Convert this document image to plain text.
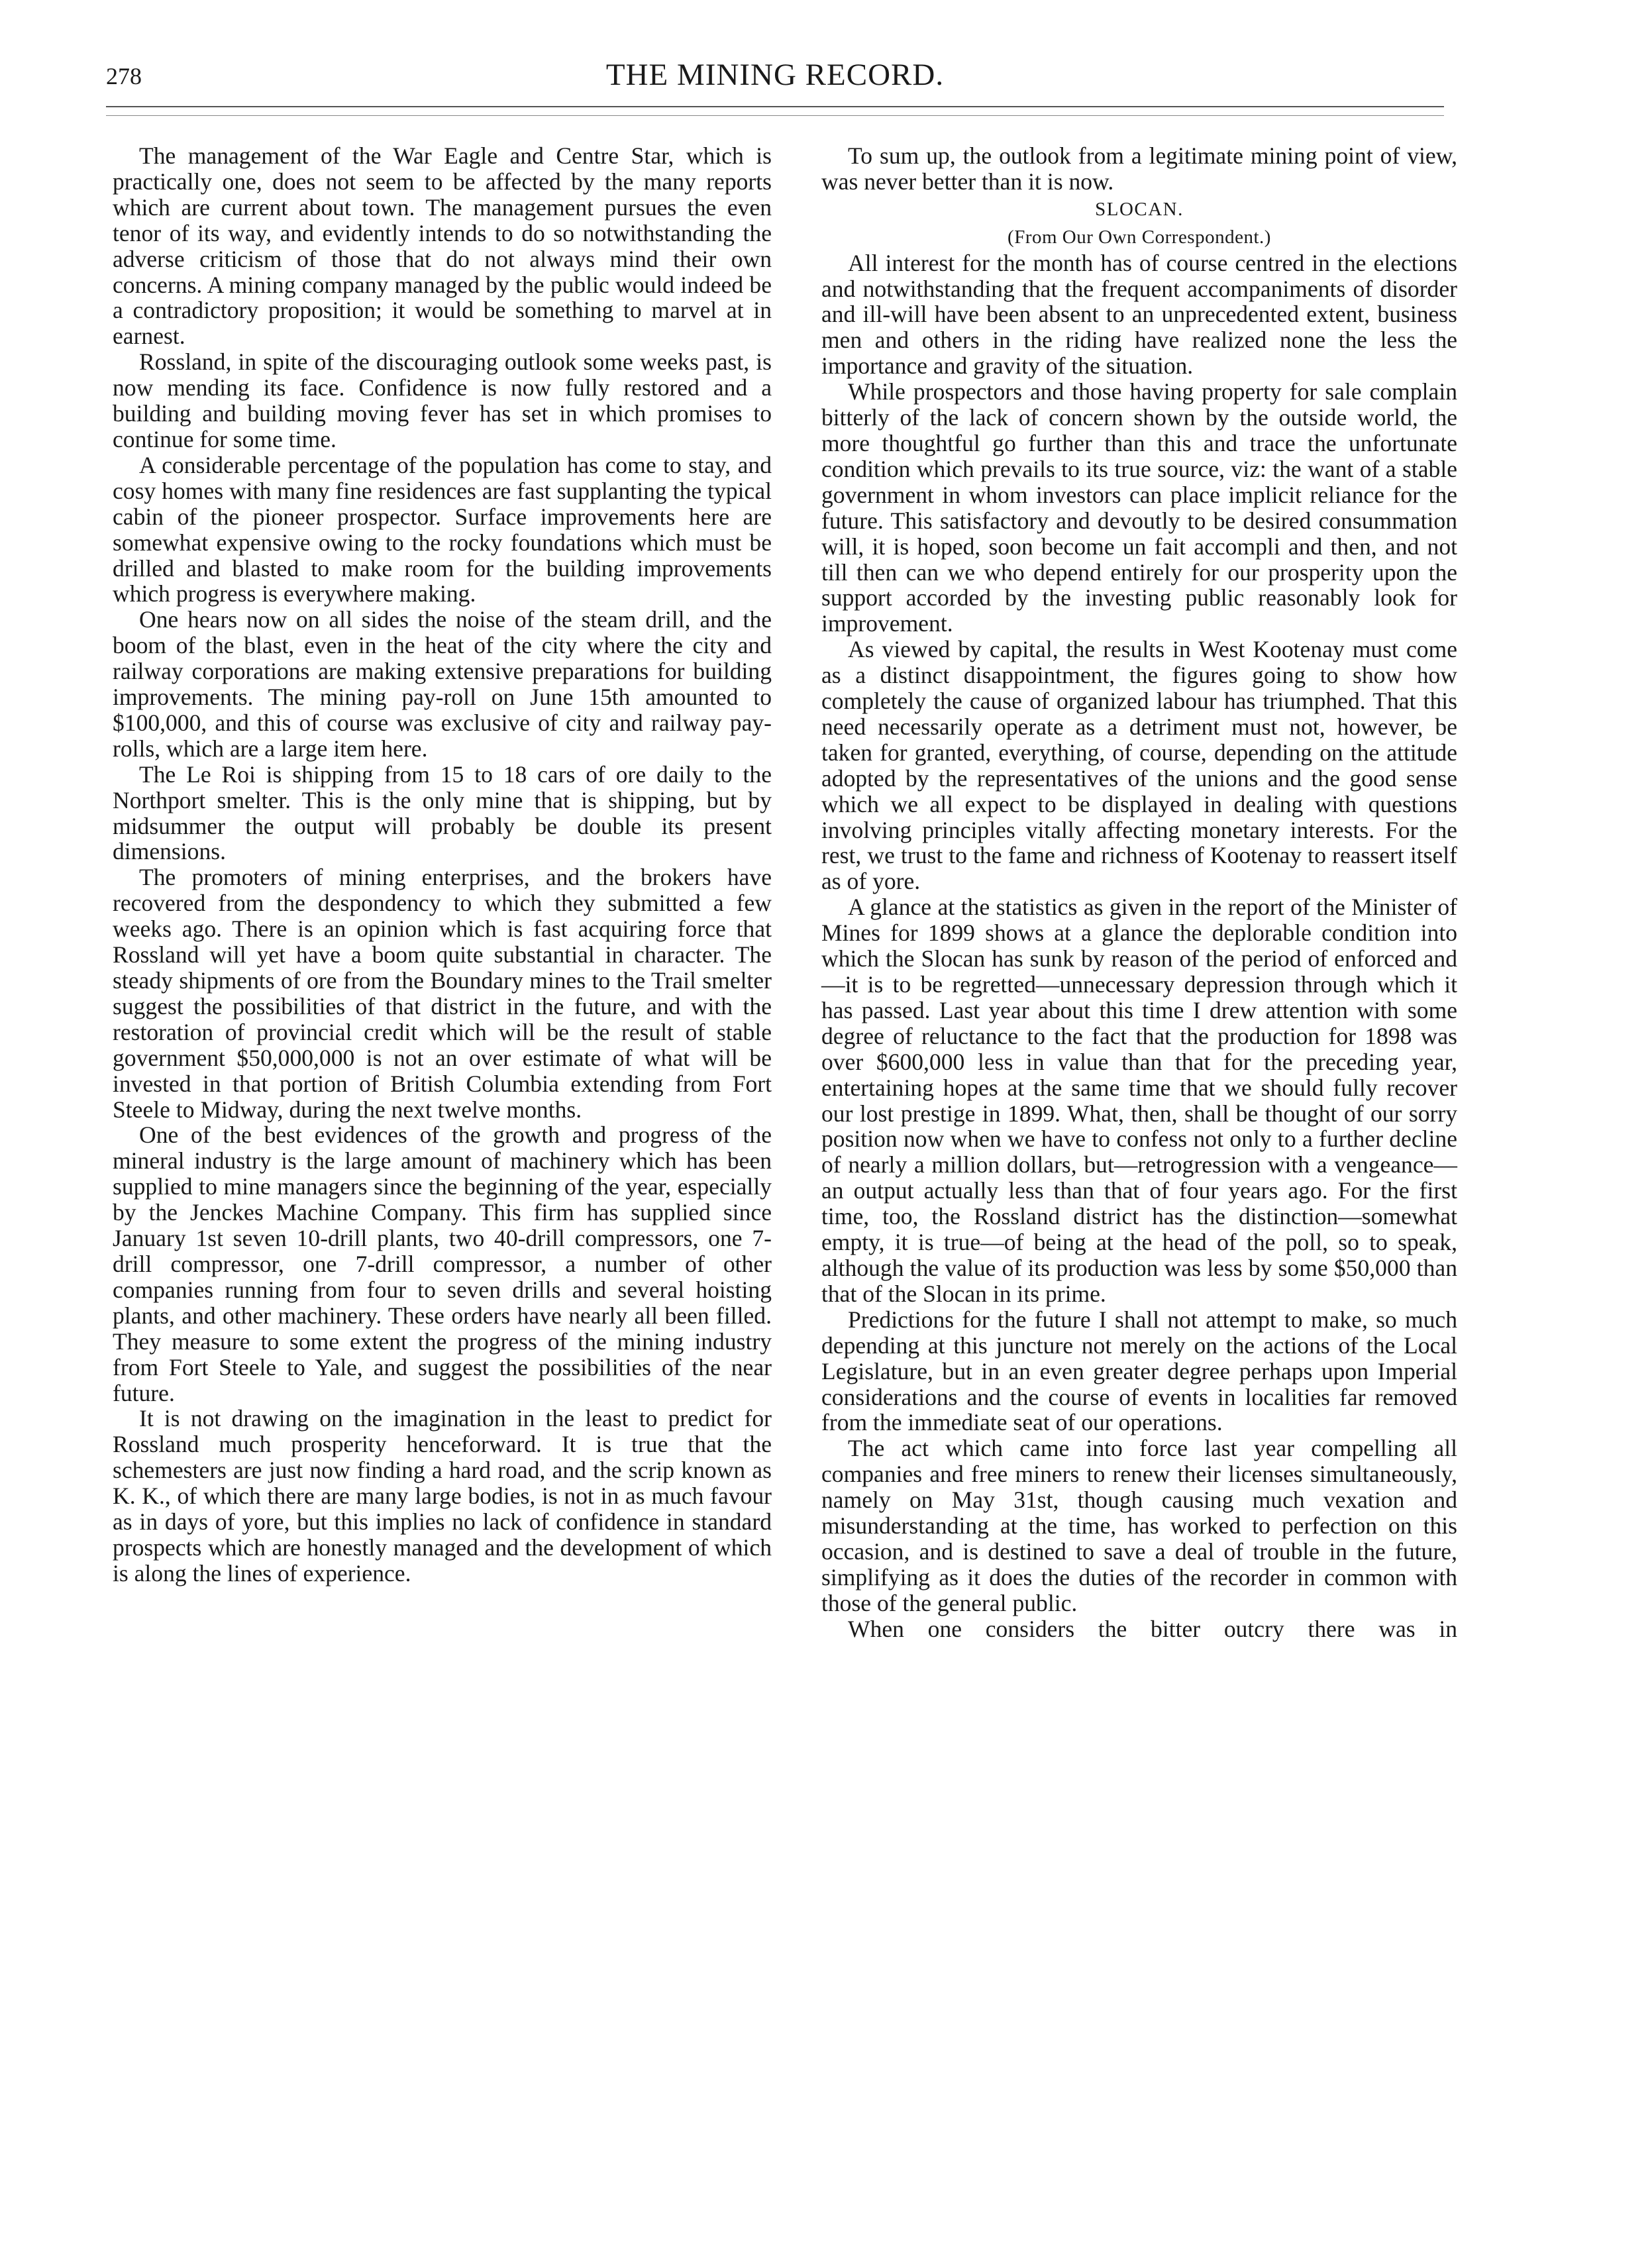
278	THE MINING RECORD.

The management of the War Eagle and Centre Star, which is practically one, does not seem to be affected by the many reports which are current about town. The management pursues the even tenor of its way, and evidently intends to do so notwithstanding the adverse criticism of those that do not always mind their own concerns. A mining company managed by the public would indeed be a contradictory proposition; it would be something to marvel at in earnest.

Rossland, in spite of the discouraging outlook some weeks past, is now mending its face. Confidence is now fully restored and a building and building moving fever has set in which promises to continue for some time.

A considerable percentage of the population has come to stay, and cosy homes with many fine residences are fast supplanting the typical cabin of the pioneer prospector. Surface improvements here are somewhat expensive owing to the rocky foundations which must be drilled and blasted to make room for the building improvements which progress is everywhere making.

One hears now on all sides the noise of the steam drill, and the boom of the blast, even in the heat of the city where the city and railway corporations are making extensive preparations for building improvements. The mining pay-roll on June 15th amounted to $100,000, and this of course was exclusive of city and railway pay-rolls, which are a large item here.

The Le Roi is shipping from 15 to 18 cars of ore daily to the Northport smelter. This is the only mine that is shipping, but by midsummer the output will probably be double its present dimensions.

The promoters of mining enterprises, and the brokers have recovered from the despondency to which they submitted a few weeks ago. There is an opinion which is fast acquiring force that Rossland will yet have a boom quite substantial in character. The steady shipments of ore from the Boundary mines to the Trail smelter suggest the possibilities of that district in the future, and with the restoration of provincial credit which will be the result of stable government $50,000,000 is not an over estimate of what will be invested in that portion of British Columbia extending from Fort Steele to Midway, during the next twelve months.

One of the best evidences of the growth and progress of the mineral industry is the large amount of machinery which has been supplied to mine managers since the beginning of the year, especially by the Jenckes Machine Company. This firm has supplied since January 1st seven 10-drill plants, two 40-drill compressors, one 7-drill compressor, one 7-drill compressor, a number of other companies running from four to seven drills and several hoisting plants, and other machinery. These orders have nearly all been filled. They measure to some extent the progress of the mining industry from Fort Steele to Yale, and suggest the possibilities of the near future.

It is not drawing on the imagination in the least to predict for Rossland much prosperity henceforward. It is true that the schemesters are just now finding a hard road, and the scrip known as K. K., of which there are many large bodies, is not in as much favour as in days of yore, but this implies no lack of confidence in standard prospects which are honestly managed and the development of which is along the lines of experience.

To sum up, the outlook from a legitimate mining point of view, was never better than it is now.

SLOCAN.
(From Our Own Correspondent.)

All interest for the month has of course centred in the elections and notwithstanding that the frequent accompaniments of disorder and ill-will have been absent to an unprecedented extent, business men and others in the riding have realized none the less the importance and gravity of the situation.

While prospectors and those having property for sale complain bitterly of the lack of concern shown by the outside world, the more thoughtful go further than this and trace the unfortunate condition which prevails to its true source, viz: the want of a stable government in whom investors can place implicit reliance for the future. This satisfactory and devoutly to be desired consummation will, it is hoped, soon become un fait accompli and then, and not till then can we who depend entirely for our prosperity upon the support accorded by the investing public reasonably look for improvement.

As viewed by capital, the results in West Kootenay must come as a distinct disappointment, the figures going to show how completely the cause of organized labour has triumphed. That this need necessarily operate as a detriment must not, however, be taken for granted, everything, of course, depending on the attitude adopted by the representatives of the unions and the good sense which we all expect to be displayed in dealing with questions involving principles vitally affecting monetary interests. For the rest, we trust to the fame and richness of Kootenay to reassert itself as of yore.

A glance at the statistics as given in the report of the Minister of Mines for 1899 shows at a glance the deplorable condition into which the Slocan has sunk by reason of the period of enforced and—it is to be regretted—unnecessary depression through which it has passed. Last year about this time I drew attention with some degree of reluctance to the fact that the production for 1898 was over $600,000 less in value than that for the preceding year, entertaining hopes at the same time that we should fully recover our lost prestige in 1899. What, then, shall be thought of our sorry position now when we have to confess not only to a further decline of nearly a million dollars, but—retrogression with a vengeance—an output actually less than that of four years ago. For the first time, too, the Rossland district has the distinction—somewhat empty, it is true—of being at the head of the poll, so to speak, although the value of its production was less by some $50,000 than that of the Slocan in its prime.

Predictions for the future I shall not attempt to make, so much depending at this juncture not merely on the actions of the Local Legislature, but in an even greater degree perhaps upon Imperial considerations and the course of events in localities far removed from the immediate seat of our operations.

The act which came into force last year compelling all companies and free miners to renew their licenses simultaneously, namely on May 31st, though causing much vexation and misunderstanding at the time, has worked to perfection on this occasion, and is destined to save a deal of trouble in the future, simplifying as it does the duties of the recorder in common with those of the general public.

When one considers the bitter outcry there was in
